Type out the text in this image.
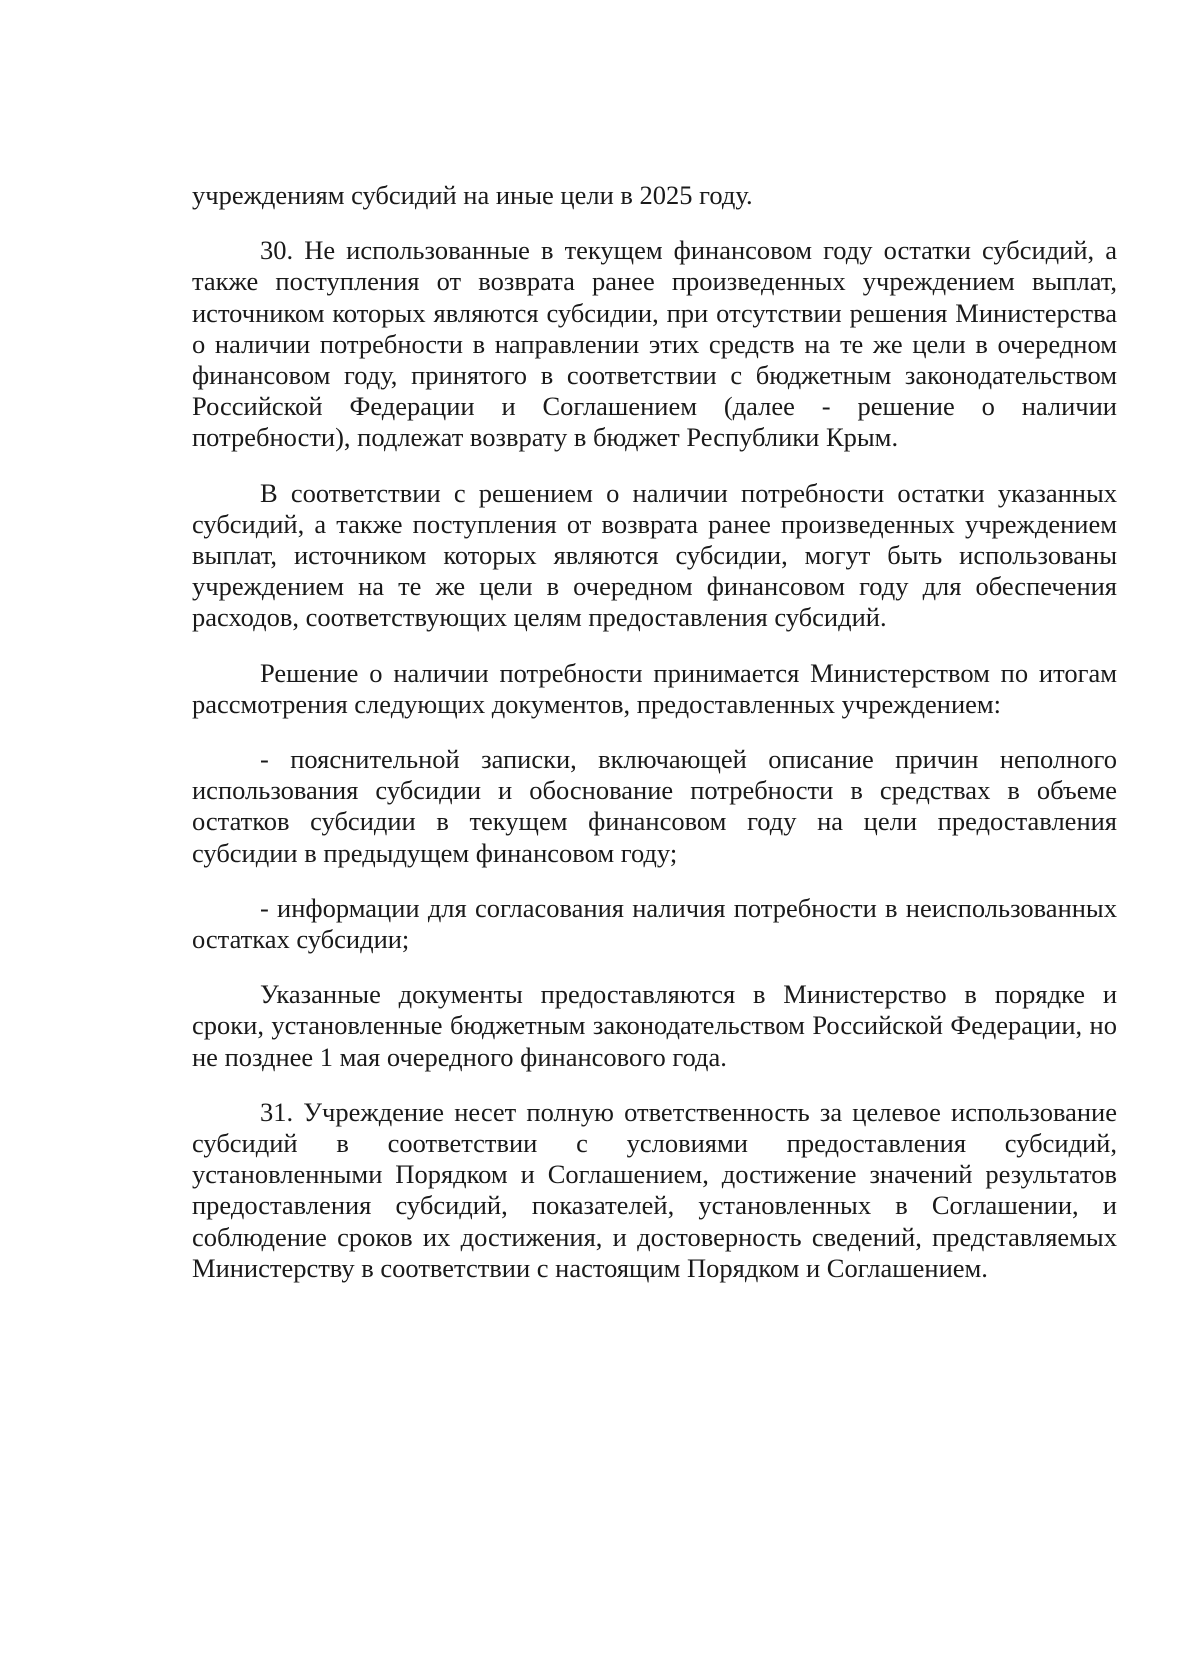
учреждениям субсидий на иные цели в 2025 году.

30. Не использованные в текущем финансовом году остатки субсидий, а также поступления от возврата ранее произведенных учреждением выплат, источником которых являются субсидии, при отсутствии решения Министерства о наличии потребности в направлении этих средств на те же цели в очередном финансовом году, принятого в соответствии с бюджетным законодательством Российской Федерации и Соглашением (далее - решение о наличии потребности), подлежат возврату в бюджет Республики Крым.

В соответствии с решением о наличии потребности остатки указанных субсидий, а также поступления от возврата ранее произведенных учреждением выплат, источником которых являются субсидии, могут быть использованы учреждением на те же цели в очередном финансовом году для обеспечения расходов, соответствующих целям предоставления субсидий.

Решение о наличии потребности принимается Министерством по итогам рассмотрения следующих документов, предоставленных учреждением:

- пояснительной записки, включающей описание причин неполного использования субсидии и обоснование потребности в средствах в объеме остатков субсидии в текущем финансовом году на цели предоставления субсидии в предыдущем финансовом году;

- информации для согласования наличия потребности в неиспользованных остатках субсидии;

Указанные документы предоставляются в Министерство в порядке и сроки, установленные бюджетным законодательством Российской Федерации, но не позднее 1 мая очередного финансового года.

31. Учреждение несет полную ответственность за целевое использование субсидий в соответствии с условиями предоставления субсидий, установленными Порядком и Соглашением, достижение значений результатов предоставления субсидий, показателей, установленных в Соглашении, и соблюдение сроков их достижения, и достоверность сведений, представляемых Министерству в соответствии с настоящим Порядком и Соглашением.
